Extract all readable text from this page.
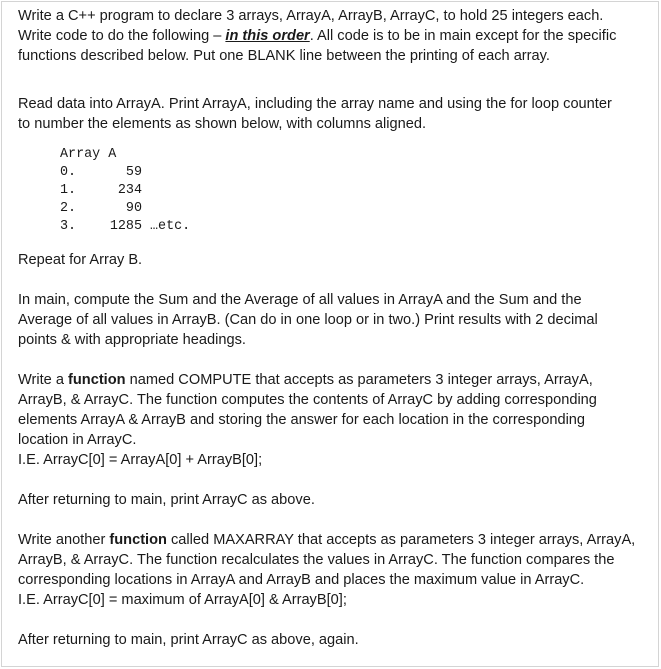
Write a C++ program to declare 3 arrays, ArrayA, ArrayB, ArrayC, to hold 25 integers each.

Write code to do the following – in this order. All code is to be in main except for the specific

functions described below. Put one BLANK line between the printing of each array.

Read data into ArrayA. Print ArrayA, including the array name and using the for loop counter

to number the elements as shown below, with columns aligned.

Array A
0.	59
1.	234
2.	90
3.	1285 …etc.

Repeat for Array B.

In main, compute the Sum and the Average of all values in ArrayA and the Sum and the

Average of all values in ArrayB. (Can do in one loop or in two.) Print results with 2 decimal

points & with appropriate headings.

Write a function named COMPUTE that accepts as parameters 3 integer arrays, ArrayA,

ArrayB, & ArrayC. The function computes the contents of ArrayC by adding corresponding

elements ArrayA & ArrayB and storing the answer for each location in the corresponding

location in ArrayC.

I.E. ArrayC[0] = ArrayA[0] + ArrayB[0];

After returning to main, print ArrayC as above.

Write another function called MAXARRAY that accepts as parameters 3 integer arrays, ArrayA,

ArrayB, & ArrayC. The function recalculates the values in ArrayC. The function compares the

corresponding locations in ArrayA and ArrayB and places the maximum value in ArrayC.

I.E. ArrayC[0] = maximum of ArrayA[0] & ArrayB[0];

After returning to main, print ArrayC as above, again.
